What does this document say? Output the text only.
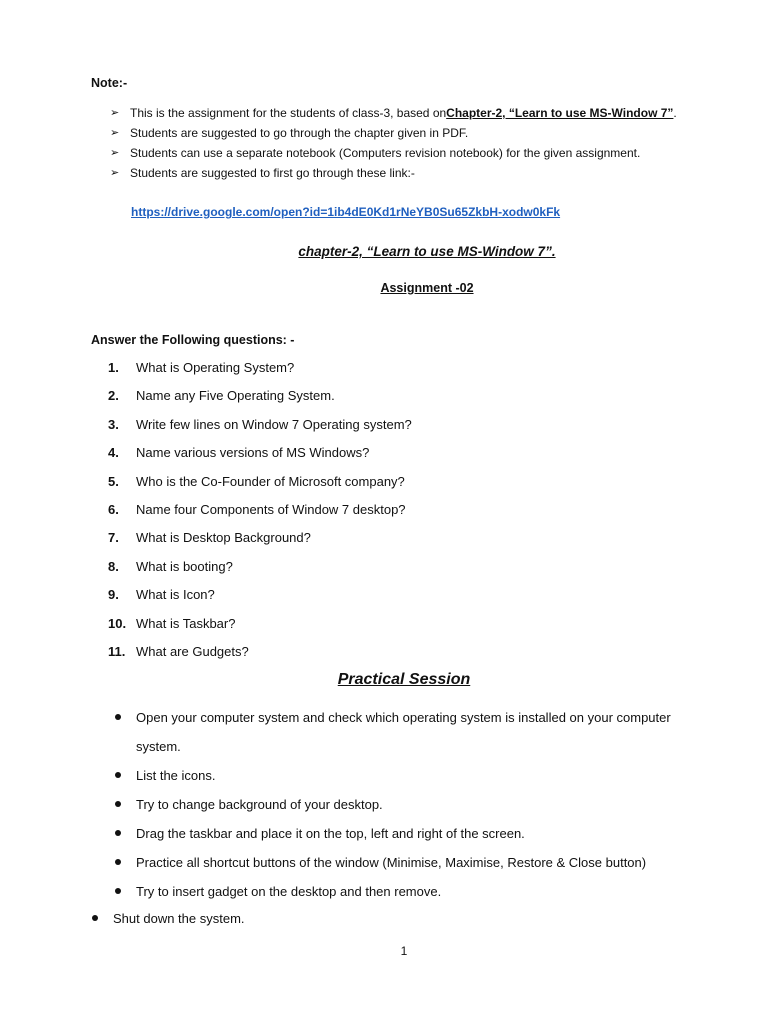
Note:-
➢ This is the assignment for the students of class-3, based on Chapter-2, “Learn to use MS-Window 7” .
➢ Students are suggested to go through the chapter given in PDF.
➢ Students can use a separate notebook (Computers revision notebook) for the given assignment.
➢ Students are suggested to first go through these link:-
https://drive.google.com/open?id=1ib4dE0Kd1rNeYB0Su65ZkbH-xodw0kFk
chapter-2, “Learn to use MS-Window 7”.
Assignment -02
Answer the Following questions: -
1.	What is Operating System?
2.	Name any Five Operating System.
3.	Write few lines on Window 7 Operating system?
4.	Name various versions of MS Windows?
5.	Who is the Co-Founder of Microsoft company?
6.	Name four Components of Window 7 desktop?
7.	What is Desktop Background?
8.	What is booting?
9.	What is Icon?
10. What is Taskbar?
11. What are Gudgets?
Practical Session
Open your computer system and check which operating system is installed on your computer system.
List the icons.
Try to change background of your desktop.
Drag the taskbar and place it on the top, left and right of the screen.
Practice all shortcut buttons of the window (Minimise, Maximise, Restore & Close button)
Try to insert gadget on the desktop and then remove.
Shut down the system.
1
